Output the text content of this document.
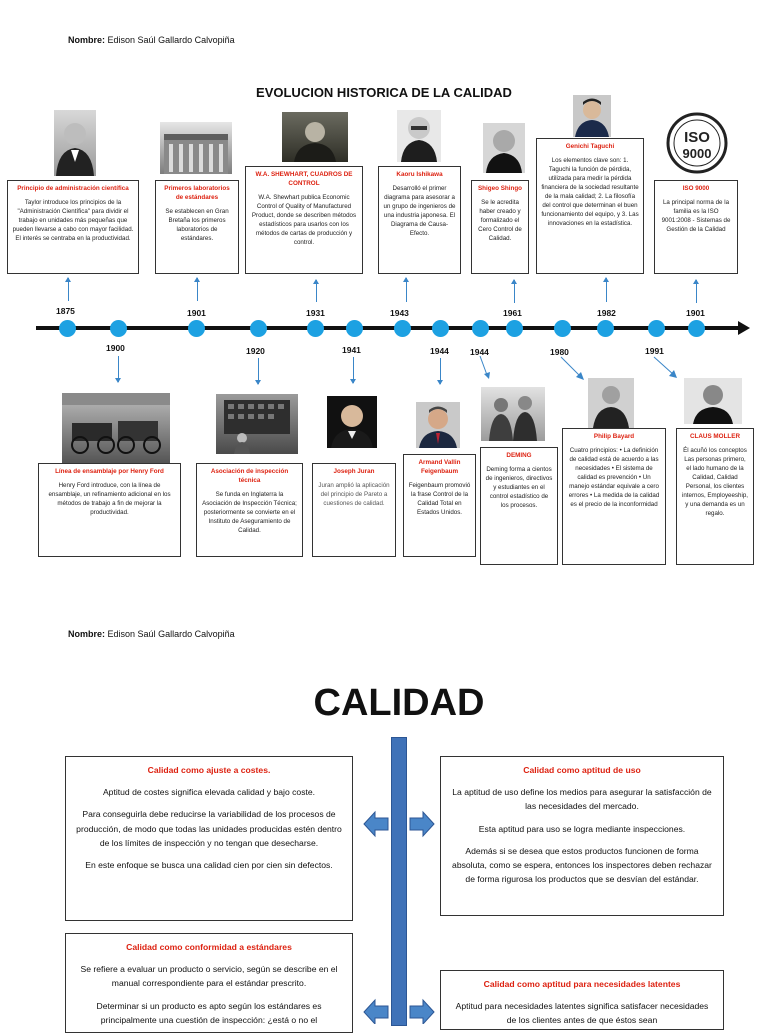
Nombre: Edison Saúl Gallardo Calvopiña
EVOLUCION HISTORICA DE LA CALIDAD
ISO
9000
Principio de administración científica
Taylor introduce los principios de la "Administración Científica" para dividir el trabajo en unidades más pequeñas que pueden llevarse a cabo con mayor facilidad. El interés se centraba en la productividad.
Primeros laboratorios de estándares
Se establecen en Gran Bretaña los primeros laboratorios de estándares.
W.A. SHEWHART, CUADROS DE CONTROL
W.A. Shewhart publica Economic Control of Quality of Manufactured Product, donde se describen métodos estadísticos para usarlos con los métodos de cartas de producción y control.
Kaoru Ishikawa
Desarrolló el primer diagrama para asesorar a un grupo de ingenieros de una industria japonesa. El Diagrama de Causa-Efecto.
Shigeo Shingo
Se le acredita haber creado y formalizado el Cero Control de Calidad.
Genichi Taguchi
Los elementos clave son: 1. Taguchi la función de pérdida, utilizada para medir la pérdida financiera de la sociedad resultante de la mala calidad; 2. La filosofía del control que determinan el buen funcionamiento del equipo, y 3. Las innovaciones en la estadística.
ISO 9000
La principal norma de la familia es la ISO 9001:2008 - Sistemas de Gestión de la Calidad
1875	1901	1931	1943	1961	1982	1901
1900	1920	1941	1944 1944	1980	1991
Línea de ensamblaje por Henry Ford
Henry Ford introduce, con la línea de ensamblaje, un refinamiento adicional en los métodos de trabajo a fin de mejorar la productividad.
Asociación de inspección técnica
Se funda en Inglaterra la Asociación de Inspección Técnica; posteriormente se convierte en el Instituto de Aseguramiento de Calidad.
Joseph Juran
Juran amplió la aplicación del principio de Pareto a cuestiones de calidad.
Armand Vallin Feigenbaum
Feigenbaum promovió la frase Control de la Calidad Total en Estados Unidos.
DEMING
Deming forma a cientos de ingenieros, directivos y estudiantes en el control estadístico de los procesos.
Philip Bayard
Cuatro principios: • La definición de calidad está de acuerdo a las necesidades • El sistema de calidad es prevención • Un manejo estándar equivale a cero errores • La medida de la calidad es el precio de la inconformidad
CLAUS MOLLER
Él acuñó los conceptos Las personas primero, el lado humano de la Calidad, Calidad Personal, los clientes internos, Employeeship, y una demanda es un regalo.
Nombre: Edison Saúl Gallardo Calvopiña
CALIDAD
Calidad como ajuste a costes.

Aptitud de costes significa elevada calidad y bajo coste.

Para conseguirla debe reducirse la variabilidad de los procesos de producción, de modo que todas las unidades producidas estén dentro de los límites de inspección y no tengan que desecharse.

En este enfoque se busca una calidad cien por cien sin defectos.

Calidad como aptitud de uso

La aptitud de uso define los medios para asegurar la satisfacción de las necesidades del mercado.

Esta aptitud para uso se logra mediante inspecciones.

Además si se desea que estos productos funcionen de forma absoluta, como se espera, entonces los inspectores deben rechazar de forma rigurosa los productos que se desvían del estándar.

Calidad como conformidad a estándares

Se refiere a evaluar un producto o servicio, según se describe en el manual correspondiente para el estándar prescrito.

Determinar si un producto es apto según los estándares es principalmente una cuestión de inspección: ¿está o no el

Calidad como aptitud para necesidades latentes

Aptitud para necesidades latentes significa satisfacer necesidades de los clientes antes de que éstos sean
